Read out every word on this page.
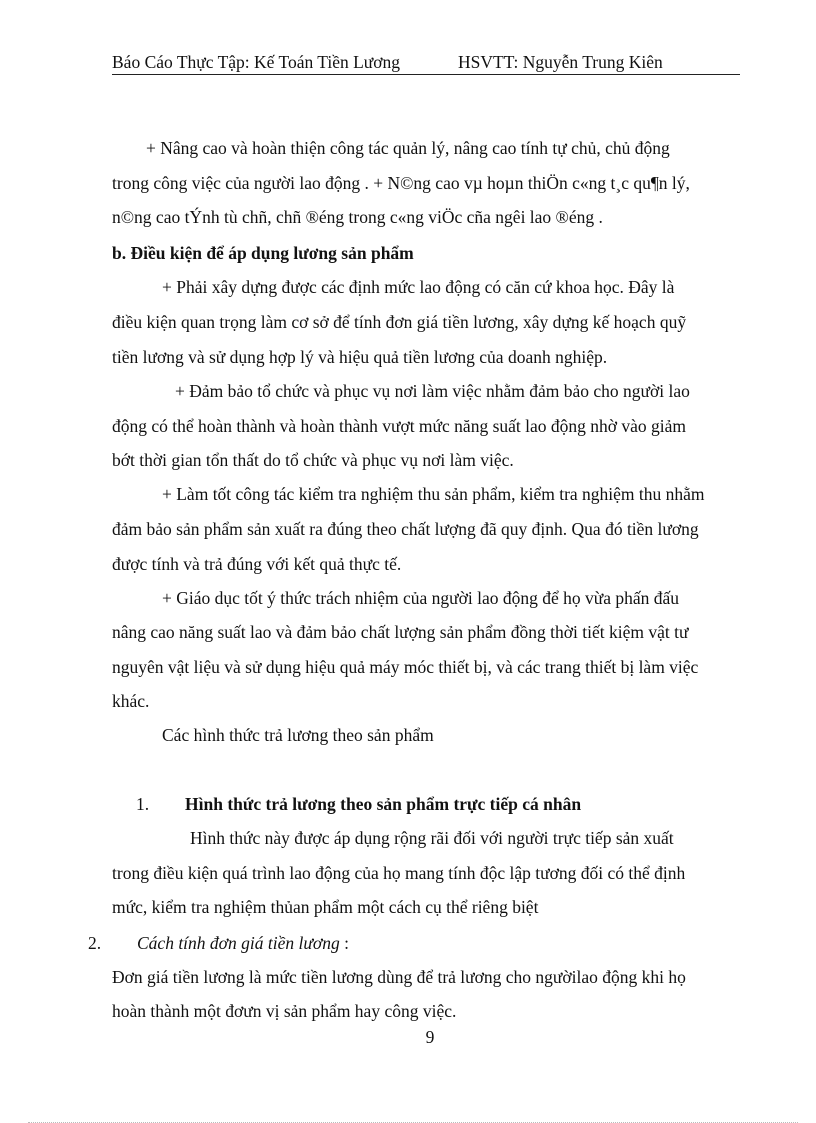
Báo Cáo Thực Tập: Kế Toán Tiền Lương	HSVTT: Nguyễn Trung Kiên
+ Nâng cao và hoàn thiện công tác quản lý, nâng cao tính tự chủ, chủ động
trong công việc của người lao động . + N©ng cao vµ hoµn thiÖn c«ng t¸c qu¶n lý,
n©ng cao tÝnh tù chñ, chñ ®éng trong c«ng viÖc cña ngêi lao ®éng .
b. Điều kiện để áp dụng lương sản phẩm
+ Phải xây dựng được các định mức lao động có căn cứ khoa học. Đây là
điều kiện quan trọng làm cơ sở để tính đơn giá tiền lương, xây dựng kế hoạch quỹ
tiền lương và sử dụng hợp lý và hiệu quả tiền lương của doanh nghiệp.
+ Đảm bảo tổ chức và phục vụ nơi làm việc nhằm đảm bảo cho người lao
động có thể hoàn thành và hoàn thành vượt mức năng suất lao động nhờ vào giảm
bớt thời gian tổn thất do tổ chức và phục vụ nơi làm việc.
+ Làm tốt công tác kiểm tra nghiệm thu sản phẩm, kiểm tra nghiệm thu nhằm
đảm bảo sản phẩm sản xuất ra đúng theo chất lượng đã quy định. Qua đó tiền lương
được tính và trả đúng với kết quả thực tế.
+ Giáo dục tốt ý thức trách nhiệm của người lao động để họ vừa phấn đấu
nâng cao năng suất lao và đảm bảo chất lượng sản phẩm đồng thời tiết kiệm vật tư
nguyên vật liệu và sử dụng hiệu quả máy móc thiết bị, và các trang thiết bị làm việc
khác.
Các hình thức trả lương theo sản phẩm
1. Hình thức trả lương theo sản phẩm trực tiếp cá nhân
Hình thức này được áp dụng rộng rãi đối với người trực tiếp sản xuất
trong điều kiện quá trình lao động của họ mang tính độc lập tương đối có thể định
mức, kiểm tra nghiệm thủan phẩm một cách cụ thể riêng biệt
2. Cách tính đơn giá tiền lương :
Đơn giá tiền lương là mức tiền lương dùng để trả lương cho ngườilao động khi họ
hoàn thành một đơưn vị sản phẩm hay công việc.
9
